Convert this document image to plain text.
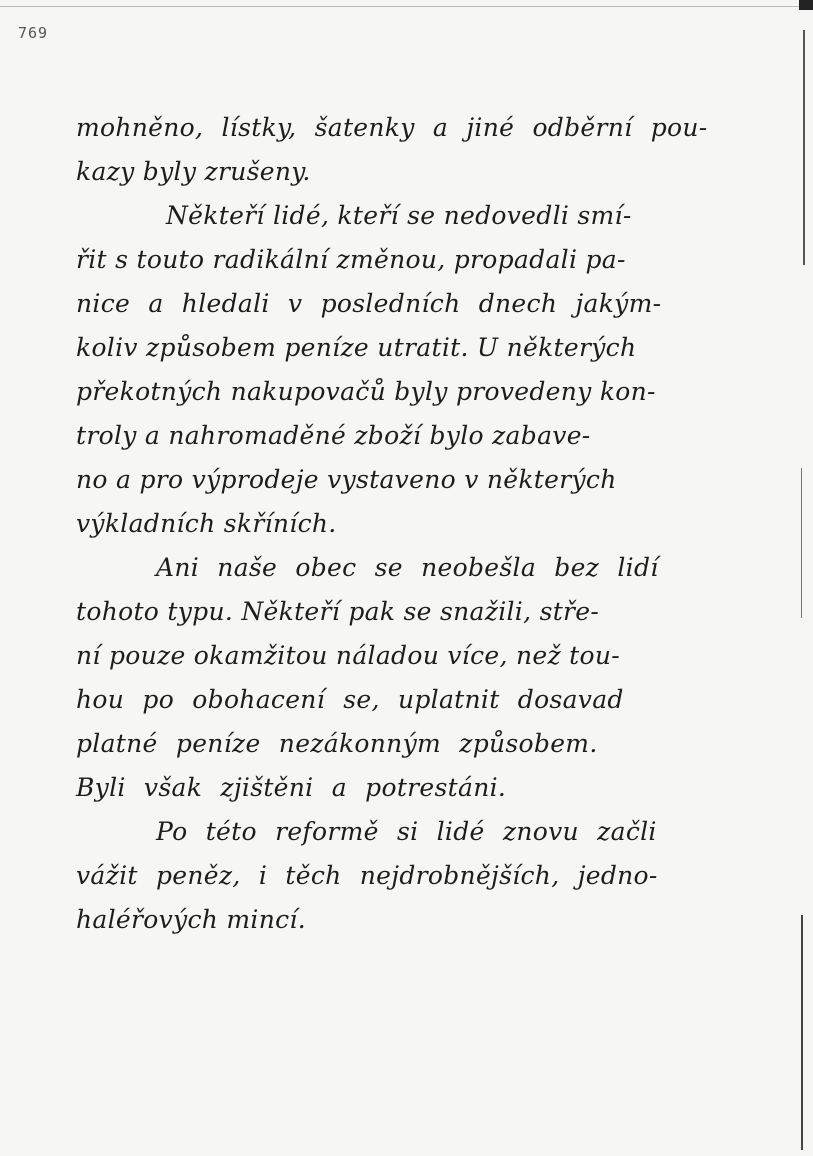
769
mohněno, lístky, šatenky a jiné odběrní pou-
kazy byly zrušeny.
Někteří lidé, kteří se nedovedli smí-
řit s touto radikální změnou, propadali pa-
nice a hledali v posledních dnech jakým-
koliv způsobem peníze utratit. U některých
překotných nakupovačů byly provedeny kon-
troly a nahromaděné zboží bylo zabave-
no a pro výprodeje vystaveno v některých
výkladních skříních.
Ani naše obec se neobešla bez lidí
tohoto typu. Někteří pak se snažili, stře-
ní pouze okamžitou náladou více, než tou-
hou po obohacení se, uplatnit dosavad
platné peníze nezákonným způsobem.
Byli však zjištěni a potrestáni.
Po této reformě si lidé znovu začli
vážit peněz, i těch nejdrobnějších, jedno-
haléřových mincí.
